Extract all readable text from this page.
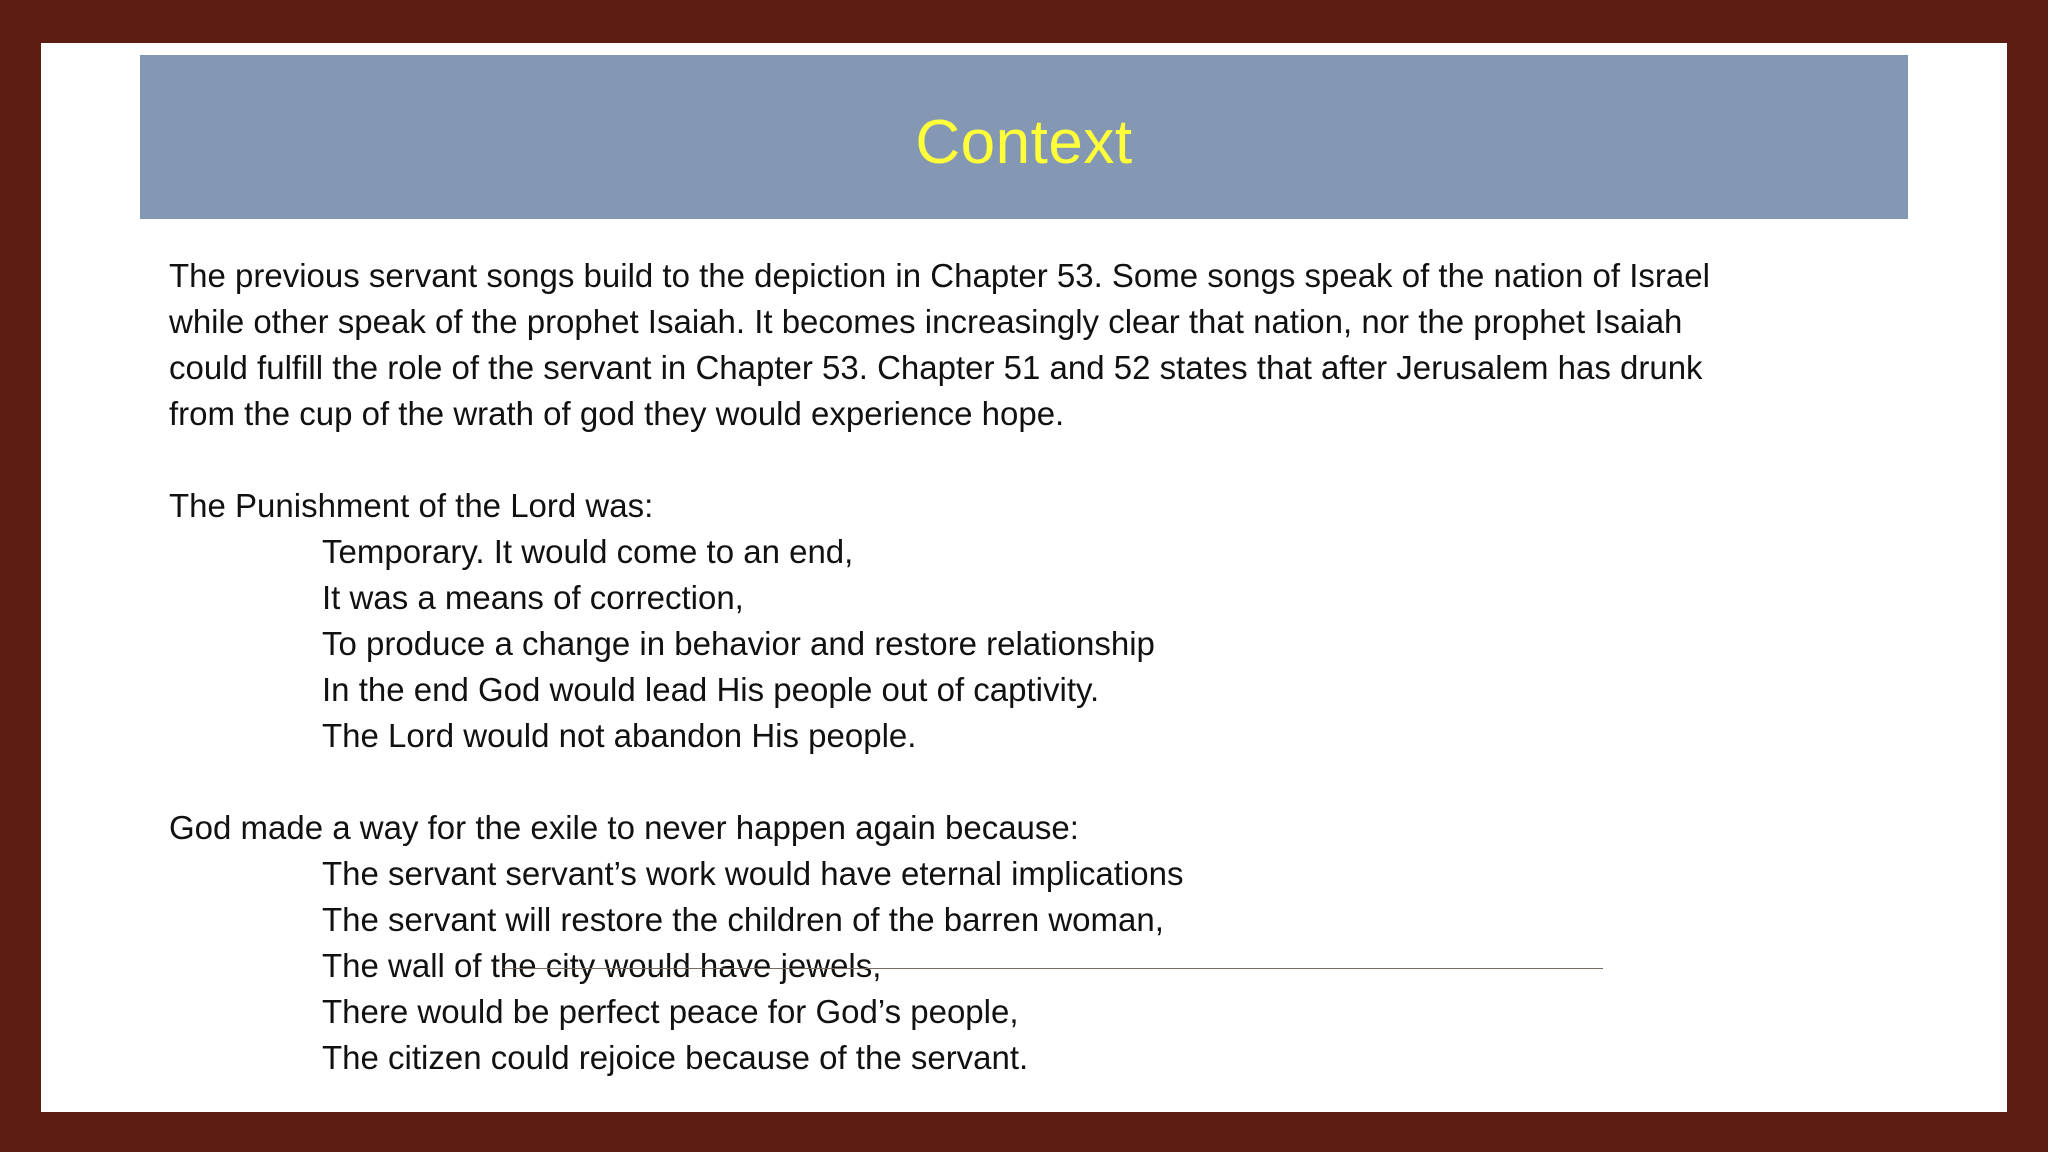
Context

The previous servant songs build to the depiction in Chapter 53. Some songs speak of the nation of Israel
while other speak of the prophet Isaiah. It becomes increasingly clear that nation, nor the prophet Isaiah
could fulfill the role of the servant in Chapter 53. Chapter 51 and 52 states that after Jerusalem has drunk
from the cup of the wrath of god they would experience hope.

The Punishment of the Lord was:

Temporary. It would come to an end,
It was a means of correction,
To produce a change in behavior and restore relationship
In the end God would lead His people out of captivity.
The Lord would not abandon His people.

God made a way for the exile to never happen again because:

The servant servant’s work would have eternal implications
The servant will restore the children of the barren woman,
The wall of the city would have jewels,
There would be perfect peace for God’s people,
The citizen could rejoice because of the servant.
